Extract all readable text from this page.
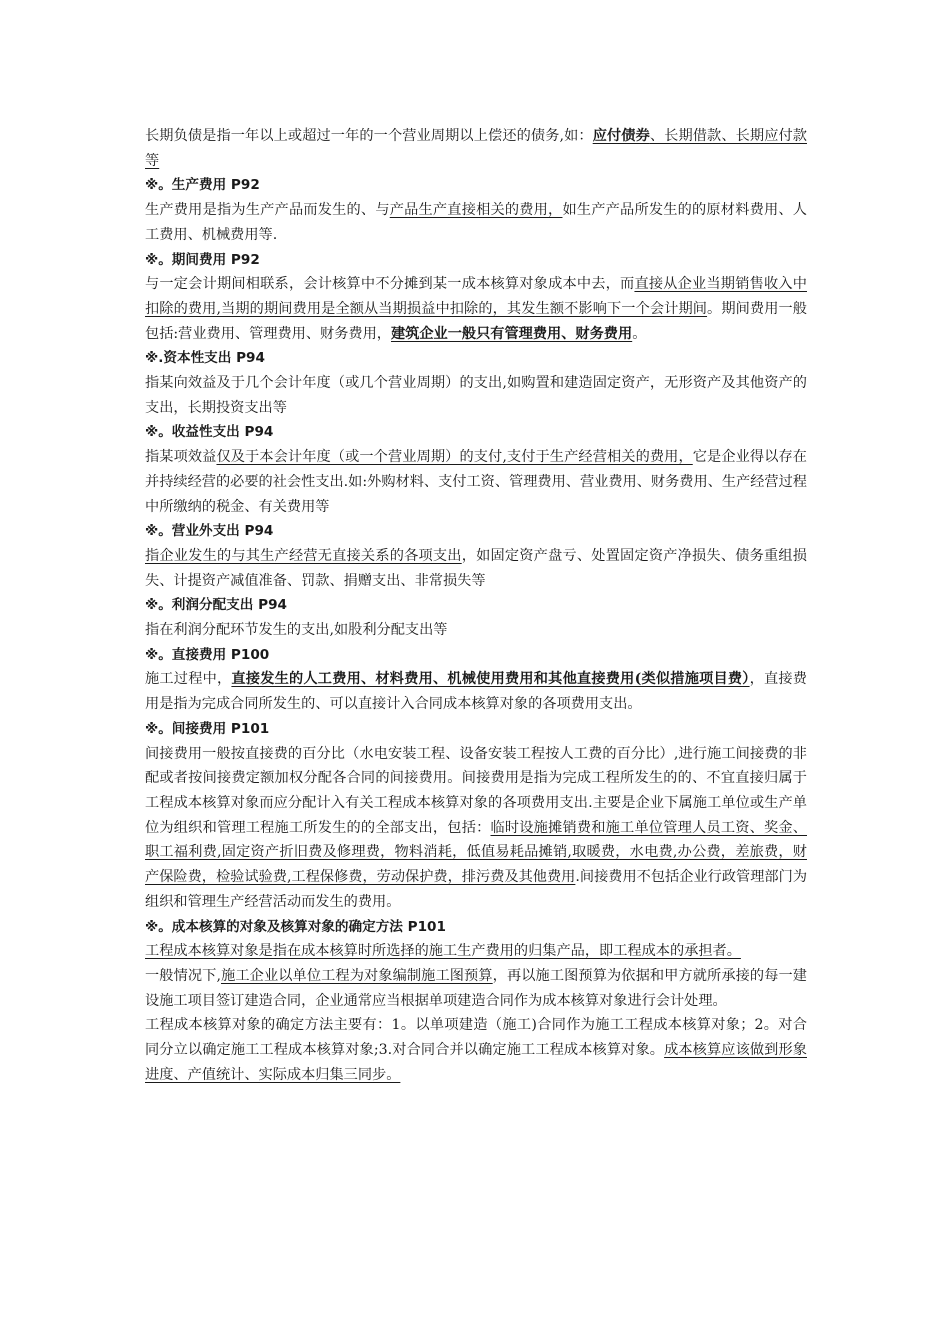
长期负债是指一年以上或超过一年的一个营业周期以上偿还的债务,如：应付债券、长期借款、长期应付款等

※。生产费用 P92

生产费用是指为生产产品而发生的、与产品生产直接相关的费用，如生产产品所发生的的原材料费用、人工费用、机械费用等.

※。期间费用 P92

与一定会计期间相联系，会计核算中不分摊到某一成本核算对象成本中去，而直接从企业当期销售收入中扣除的费用,当期的期间费用是全额从当期损益中扣除的，其发生额不影响下一个会计期间。期间费用一般包括:营业费用、管理费用、财务费用，建筑企业一般只有管理费用、财务费用。

※.资本性支出 P94

指某向效益及于几个会计年度（或几个营业周期）的支出,如购置和建造固定资产，无形资产及其他资产的支出，长期投资支出等

※。收益性支出 P94

指某项效益仅及于本会计年度（或一个营业周期）的支付,支付于生产经营相关的费用，它是企业得以存在并持续经营的必要的社会性支出.如:外购材料、支付工资、管理费用、营业费用、财务费用、生产经营过程中所缴纳的税金、有关费用等

※。营业外支出 P94

指企业发生的与其生产经营无直接关系的各项支出，如固定资产盘亏、处置固定资产净损失、债务重组损失、计提资产减值准备、罚款、捐赠支出、非常损失等

※。利润分配支出 P94

指在利润分配环节发生的支出,如股利分配支出等

※。直接费用 P100

施工过程中，直接发生的人工费用、材料费用、机械使用费用和其他直接费用(类似措施项目费），直接费用是指为完成合同所发生的、可以直接计入合同成本核算对象的各项费用支出。

※。间接费用 P101

间接费用一般按直接费的百分比（水电安装工程、设备安装工程按人工费的百分比）,进行施工间接费的非配或者按间接费定额加权分配各合同的间接费用。间接费用是指为完成工程所发生的的、不宜直接归属于工程成本核算对象而应分配计入有关工程成本核算对象的各项费用支出.主要是企业下属施工单位或生产单位为组织和管理工程施工所发生的的全部支出，包括：临时设施摊销费和施工单位管理人员工资、奖金、职工福利费,固定资产折旧费及修理费，物料消耗，低值易耗品摊销,取暖费，水电费,办公费，差旅费，财产保险费，检验试验费,工程保修费，劳动保护费，排污费及其他费用.间接费用不包括企业行政管理部门为组织和管理生产经营活动而发生的费用。

※。成本核算的对象及核算对象的确定方法 P101

工程成本核算对象是指在成本核算时所选择的施工生产费用的归集产品，即工程成本的承担者。

一般情况下,施工企业以单位工程为对象编制施工图预算，再以施工图预算为依据和甲方就所承接的每一建设施工项目签订建造合同，企业通常应当根据单项建造合同作为成本核算对象进行会计处理。

工程成本核算对象的确定方法主要有：1。以单项建造（施工)合同作为施工工程成本核算对象；2。对合同分立以确定施工工程成本核算对象;3.对合同合并以确定施工工程成本核算对象。成本核算应该做到形象进度、产值统计、实际成本归集三同步。
